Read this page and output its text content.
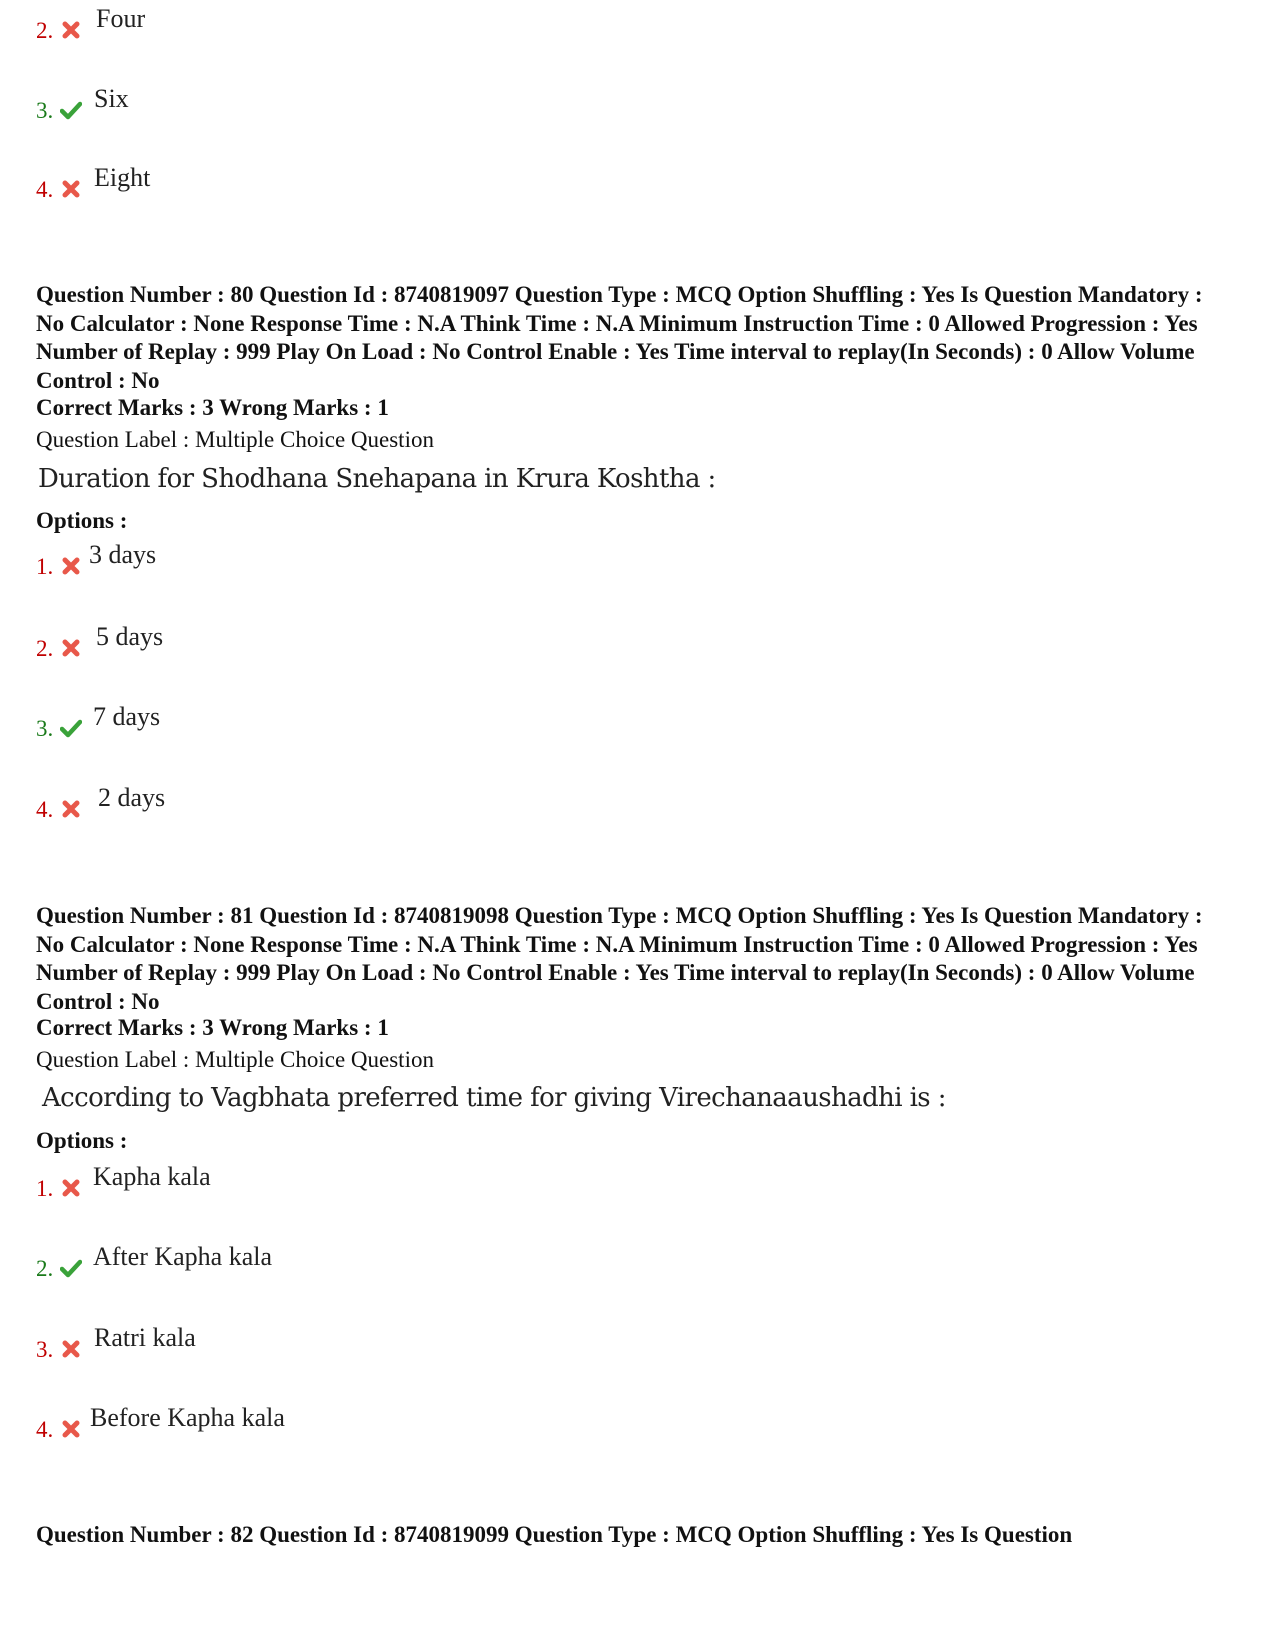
2. Four
3. Six
4. Eight

Question Number : 80 Question Id : 8740819097 Question Type : MCQ Option Shuffling : Yes Is Question Mandatory : No Calculator : None Response Time : N.A Think Time : N.A Minimum Instruction Time : 0 Allowed Progression : Yes Number of Replay : 999 Play On Load : No Control Enable : Yes Time interval to replay(In Seconds) : 0 Allow Volume Control : No

Correct Marks : 3 Wrong Marks : 1

Question Label : Multiple Choice Question

Duration for Shodhana Snehapana in Krura Koshtha :

Options :

1. 3 days
2. 5 days
3. 7 days
4. 2 days

Question Number : 81 Question Id : 8740819098 Question Type : MCQ Option Shuffling : Yes Is Question Mandatory : No Calculator : None Response Time : N.A Think Time : N.A Minimum Instruction Time : 0 Allowed Progression : Yes Number of Replay : 999 Play On Load : No Control Enable : Yes Time interval to replay(In Seconds) : 0 Allow Volume Control : No

Correct Marks : 3 Wrong Marks : 1

Question Label : Multiple Choice Question

According to Vagbhata preferred time for giving Virechanaaushadhi is :

Options :

1. Kapha kala
2. After Kapha kala
3. Ratri kala
4. Before Kapha kala

Question Number : 82 Question Id : 8740819099 Question Type : MCQ Option Shuffling : Yes Is Question
